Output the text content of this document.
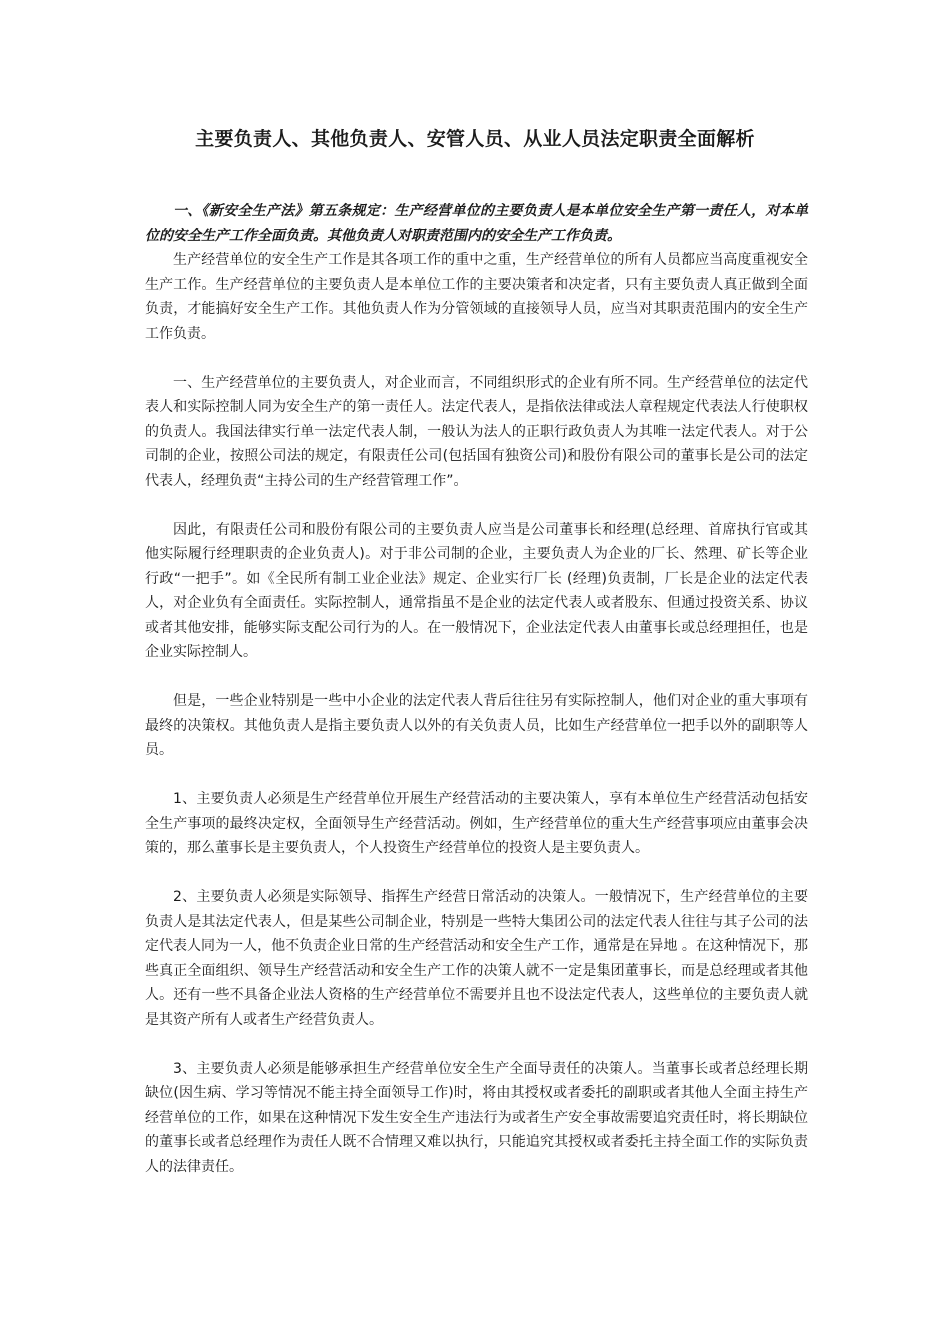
主要负责人、其他负责人、安管人员、从业人员法定职责全面解析

一、《新安全生产法》第五条规定：生产经营单位的主要负责人是本单位安全生产第一责任人，对本单位的安全生产工作全面负责。其他负责人对职责范围内的安全生产工作负责。

生产经营单位的安全生产工作是其各项工作的重中之重，生产经营单位的所有人员都应当高度重视安全生产工作。生产经营单位的主要负责人是本单位工作的主要决策者和决定者，只有主要负责人真正做到全面负责，才能搞好安全生产工作。其他负责人作为分管领域的直接领导人员，应当对其职责范围内的安全生产工作负责。

一、生产经营单位的主要负责人，对企业而言，不同组织形式的企业有所不同。生产经营单位的法定代表人和实际控制人同为安全生产的第一责任人。法定代表人，是指依法律或法人章程规定代表法人行使职权的负责人。我国法律实行单一法定代表人制，一般认为法人的正职行政负责人为其唯一法定代表人。对于公司制的企业，按照公司法的规定，有限责任公司(包括国有独资公司)和股份有限公司的董事长是公司的法定代表人，经理负责“主持公司的生产经营管理工作”。

因此，有限责任公司和股份有限公司的主要负责人应当是公司董事长和经理(总经理、首席执行官或其他实际履行经理职责的企业负责人)。对于非公司制的企业，主要负责人为企业的厂长、然理、矿长等企业行政“一把手”。如《全民所有制工业企业法》规定、企业实行厂长 (经理)负责制，厂长是企业的法定代表人，对企业负有全面责任。实际控制人，通常指虽不是企业的法定代表人或者股东、但通过投资关系、协议或者其他安排，能够实际支配公司行为的人。在一般情况下，企业法定代表人由董事长或总经理担任，也是企业实际控制人。

但是，一些企业特别是一些中小企业的法定代表人背后往往另有实际控制人，他们对企业的重大事项有最终的决策权。其他负责人是指主要负责人以外的有关负责人员，比如生产经营单位一把手以外的副职等人员。

1、主要负责人必须是生产经营单位开展生产经营活动的主要决策人，享有本单位生产经营活动包括安全生产事项的最终决定权，全面领导生产经营活动。例如，生产经营单位的重大生产经营事项应由董事会决策的，那么董事长是主要负责人，个人投资生产经营单位的投资人是主要负责人。

2、主要负责人必须是实际领导、指挥生产经营日常活动的决策人。一般情况下，生产经营单位的主要负责人是其法定代表人，但是某些公司制企业，特别是一些特大集团公司的法定代表人往往与其子公司的法定代表人同为一人，他不负责企业日常的生产经营活动和安全生产工作，通常是在异地 。在这种情况下，那些真正全面组织、领导生产经营活动和安全生产工作的决策人就不一定是集团董事长，而是总经理或者其他人。还有一些不具备企业法人资格的生产经营单位不需要并且也不设法定代表人，这些单位的主要负责人就是其资产所有人或者生产经营负责人。

3、主要负责人必须是能够承担生产经营单位安全生产全面导责任的决策人。当董事长或者总经理长期缺位(因生病、学习等情况不能主持全面领导工作)时，将由其授权或者委托的副职或者其他人全面主持生产经营单位的工作，如果在这种情况下发生安全生产违法行为或者生产安全事故需要追究责任时，将长期缺位的董事长或者总经理作为责任人既不合情理又难以执行，只能追究其授权或者委托主持全面工作的实际负责人的法律责任。
